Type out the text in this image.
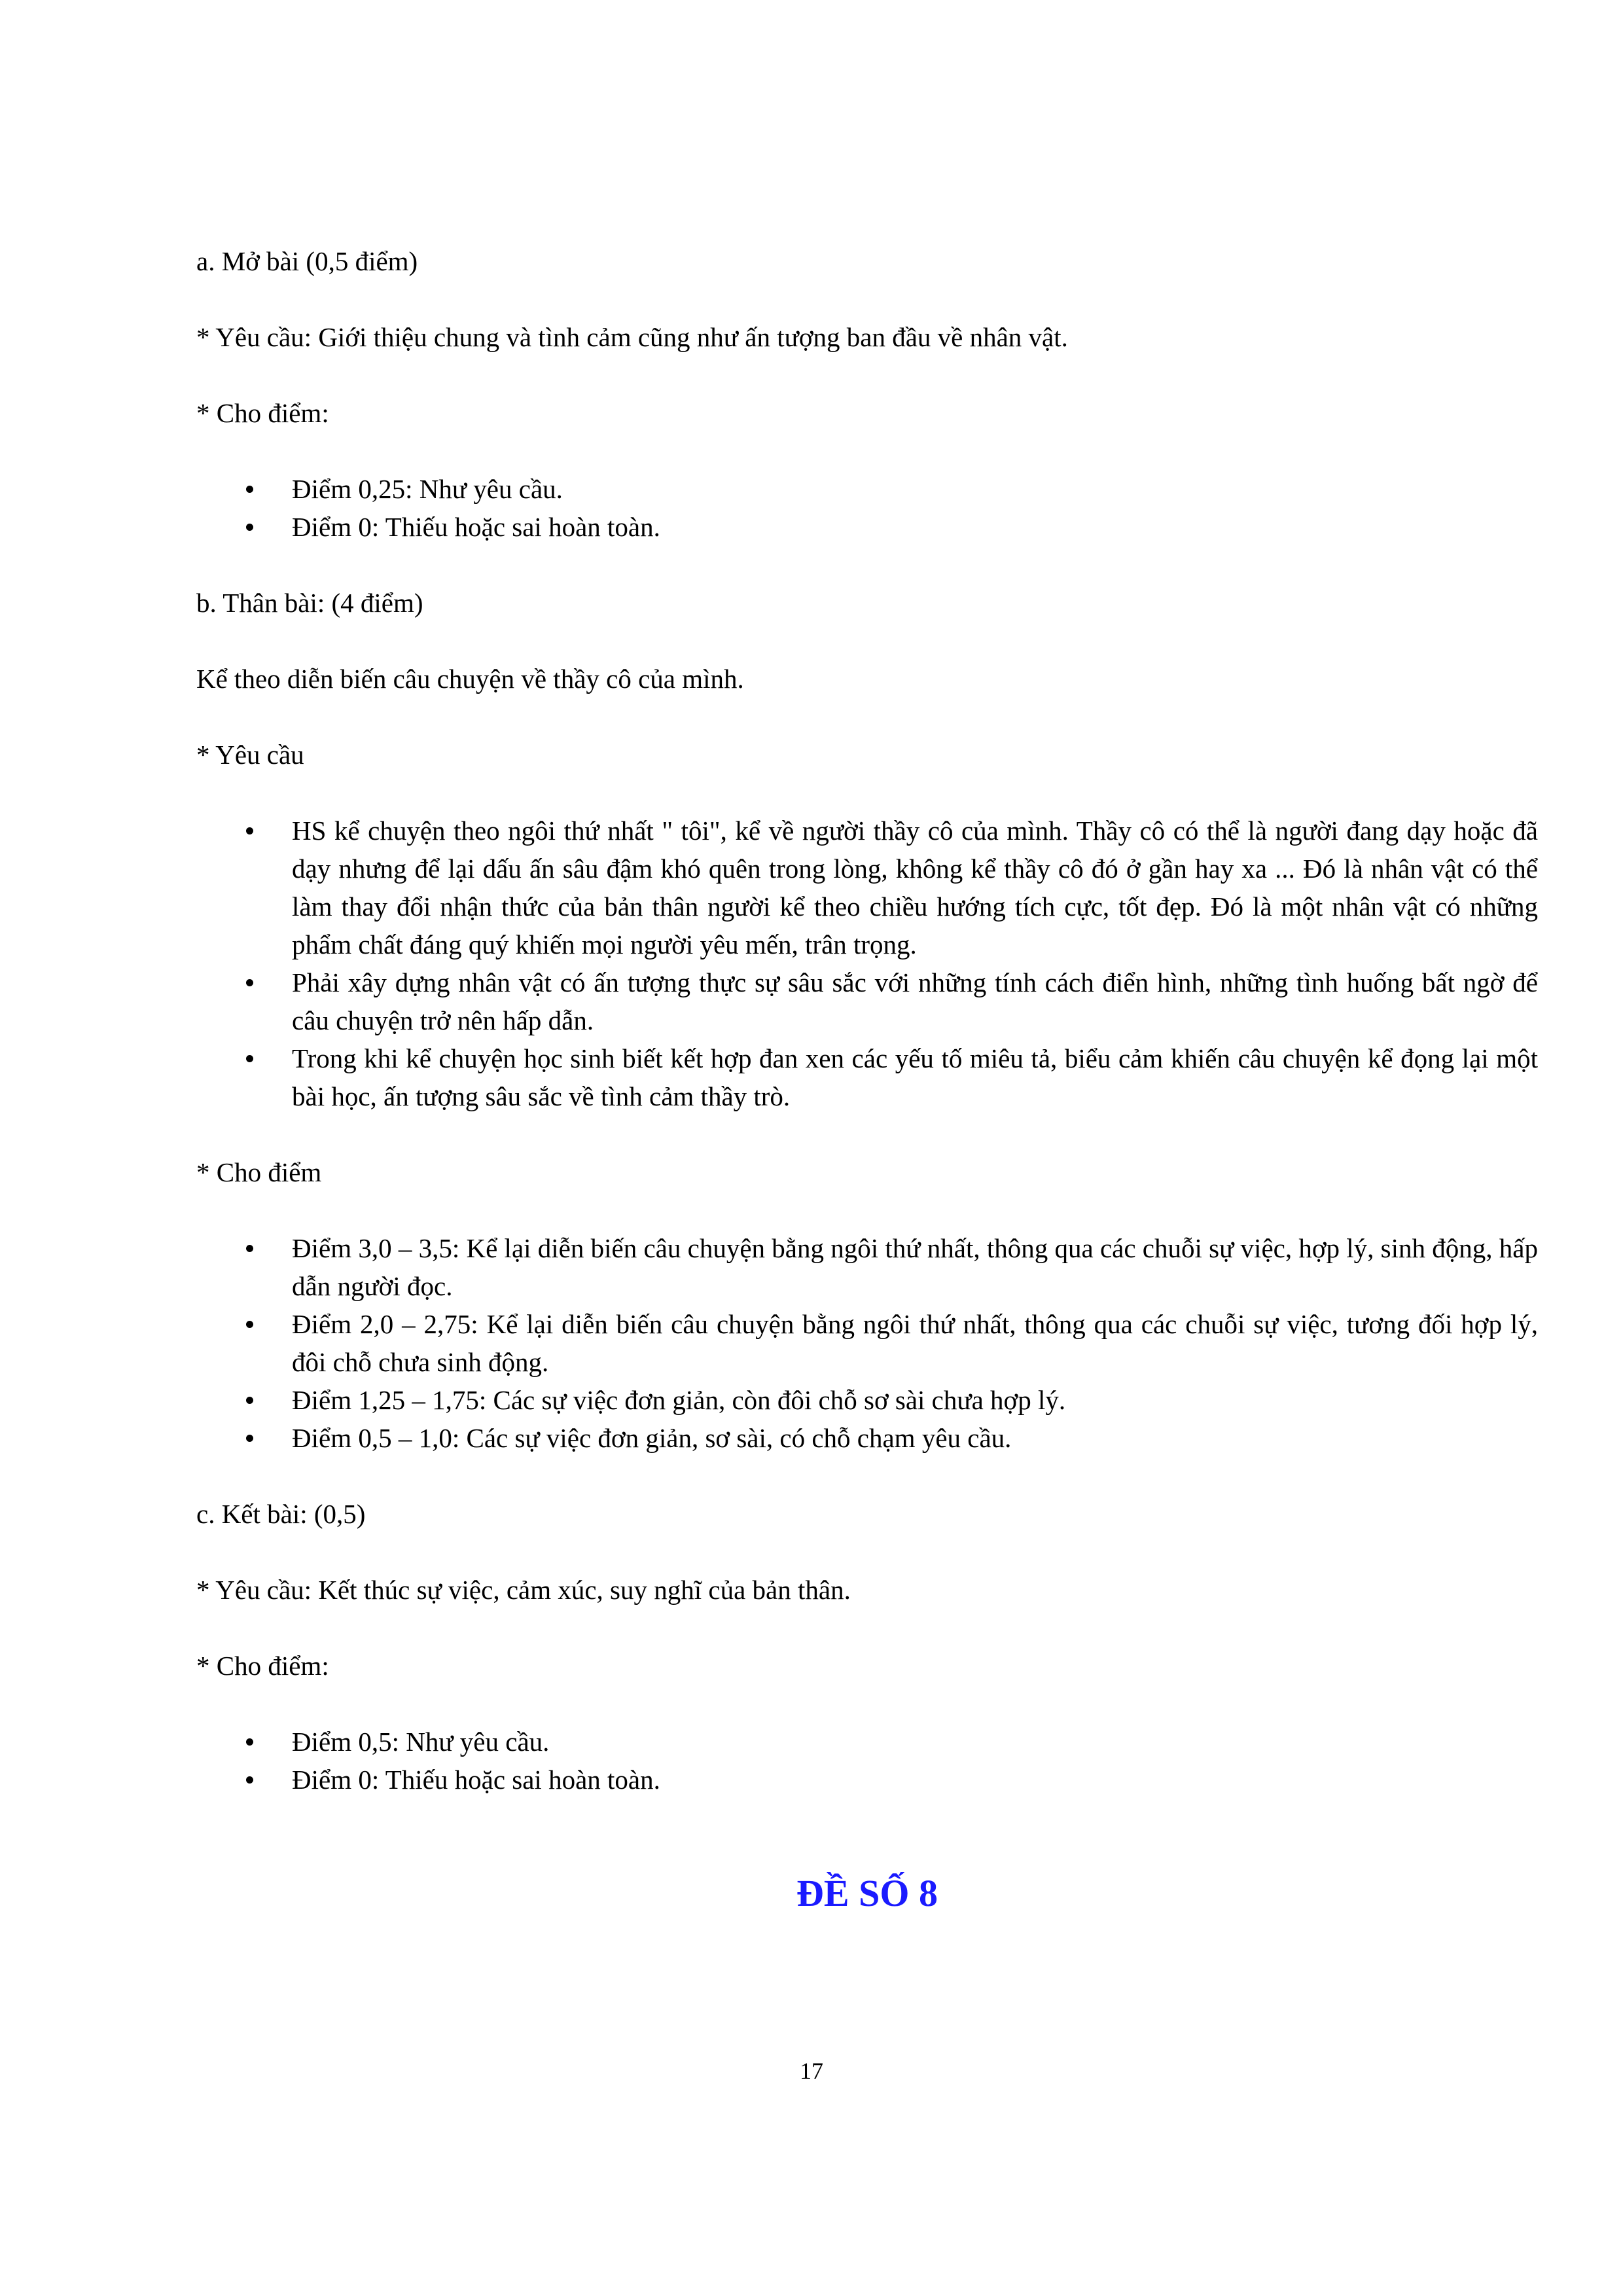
a. Mở bài (0,5 điểm)

* Yêu cầu: Giới thiệu chung và tình cảm cũng như ấn tượng ban đầu về nhân vật.

* Cho điểm:

Điểm 0,25: Như yêu cầu.
Điểm 0: Thiếu hoặc sai hoàn toàn.

b. Thân bài: (4 điểm)

Kể theo diễn biến câu chuyện về thầy cô của mình.

* Yêu cầu

HS kể chuyện theo ngôi thứ nhất " tôi", kể về người thầy cô của mình. Thầy cô có thể là người đang dạy hoặc đã dạy nhưng để lại dấu ấn sâu đậm khó quên trong lòng, không kể thầy cô đó ở gần hay xa ... Đó là nhân vật có thể làm thay đổi nhận thức của bản thân người kể theo chiều hướng tích cực, tốt đẹp. Đó là một nhân vật có những phẩm chất đáng quý khiến mọi người yêu mến, trân trọng.
Phải xây dựng nhân vật có ấn tượng thực sự sâu sắc với những tính cách điển hình, những tình huống bất ngờ để câu chuyện trở nên hấp dẫn.
Trong khi kể chuyện học sinh biết kết hợp đan xen các yếu tố miêu tả, biểu cảm khiến câu chuyện kể đọng lại một bài học, ấn tượng sâu sắc về tình cảm thầy trò.

* Cho điểm

Điểm 3,0 – 3,5: Kể lại diễn biến câu chuyện bằng ngôi thứ nhất, thông qua các chuỗi sự việc, hợp lý, sinh động, hấp dẫn người đọc.
Điểm 2,0 – 2,75: Kể lại diễn biến câu chuyện bằng ngôi thứ nhất, thông qua các chuỗi sự việc, tương đối hợp lý, đôi chỗ chưa sinh động.
Điểm 1,25 – 1,75: Các sự việc đơn giản, còn đôi chỗ sơ sài chưa hợp lý.
Điểm 0,5 – 1,0: Các sự việc đơn giản, sơ sài, có chỗ chạm yêu cầu.

c. Kết bài: (0,5)

* Yêu cầu: Kết thúc sự việc, cảm xúc, suy nghĩ của bản thân.

* Cho điểm:

Điểm 0,5: Như yêu cầu.
Điểm 0: Thiếu hoặc sai hoàn toàn.
ĐỀ SỐ 8
17
